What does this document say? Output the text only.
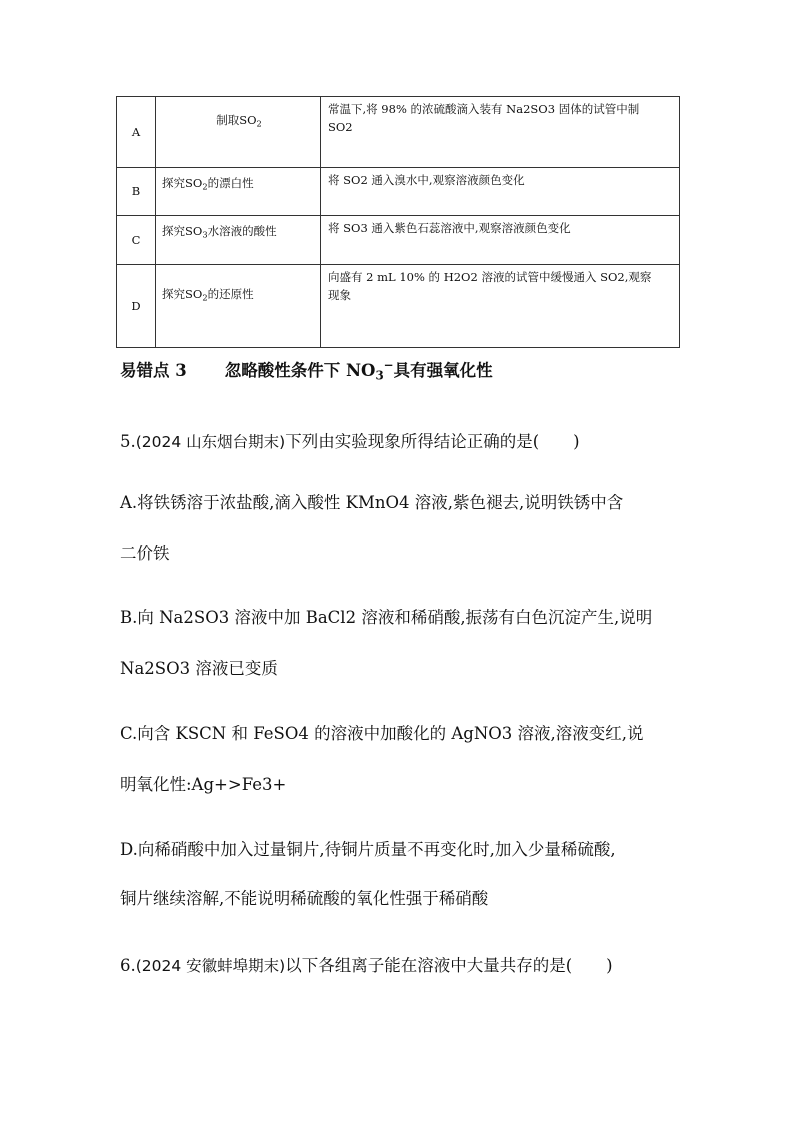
A	制取$SO_2$	常温下,将 98% 的浓硫酸滴入装有 Na2SO3 固体的试管中制
SO2

B	探究$SO_2$的漂白性	将 SO2 通入溴水中,观察溶液颜色变化

C	探究$SO_3$水溶液的酸性	将 SO3 通入紫色石蕊溶液中,观察溶液颜色变化

D	探究$SO_2$的还原性	向盛有 2 mL 10% 的 H2O2 溶液的试管中缓慢通入 SO2,观察
现象
易错点 3 忽略酸性条件下 $NO_3^-$具有强氧化性
5.(2024 山东烟台期末)下列由实验现象所得结论正确的是( )
A.将铁锈溶于浓盐酸,滴入酸性 KMnO4 溶液,紫色褪去,说明铁锈中含
二价铁
B.向 Na2SO3 溶液中加 BaCl2 溶液和稀硝酸,振荡有白色沉淀产生,说明
Na2SO3 溶液已变质
C.向含 KSCN 和 FeSO4 的溶液中加酸化的 AgNO3 溶液,溶液变红,说
明氧化性:Ag+>Fe3+
D.向稀硝酸中加入过量铜片,待铜片质量不再变化时,加入少量稀硫酸,
铜片继续溶解,不能说明稀硫酸的氧化性强于稀硝酸
6.(2024 安徽蚌埠期末)以下各组离子能在溶液中大量共存的是( )
